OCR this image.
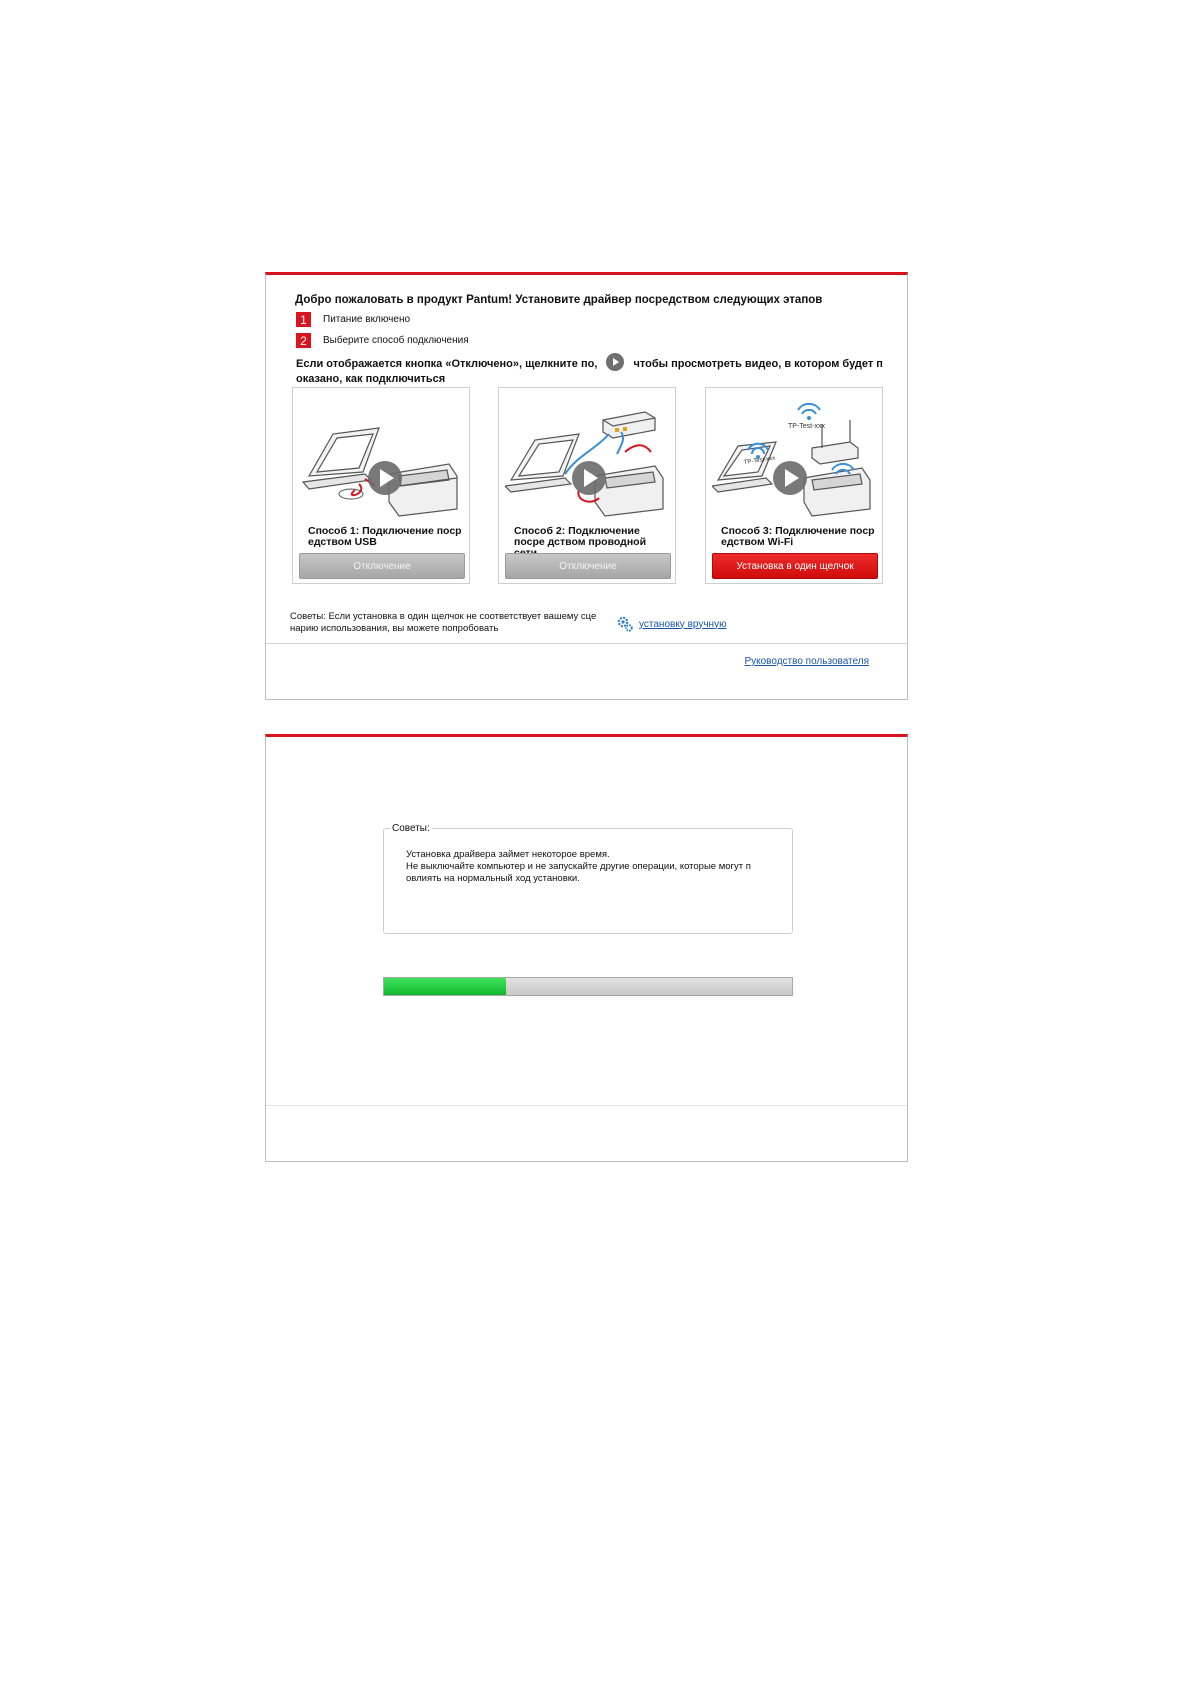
Добро пожаловать в продукт Pantum! Установите драйвер посредством следующих этапов
1	Питание включено
2	Выберите способ подключения
Если отображается кнопка «Отключено», щелкните по,	чтобы просмотреть видео, в котором будет п оказано, как подключиться
Способ 1: Подключение поср едством USB
Отключение
Способ 2: Подключение посре дством проводной
Отключение
TP-Test-xxx
TP-Test-xxx
Способ 3: Подключение поср едством Wi-Fi
Установка в один щелчок
Советы: Если установка в один щелчок не соответствует вашему сце нарию использования, вы можете попробовать	установку вручную
Руководство пользователя
Советы:
Установка драйвера займет некоторое время.
Не выключайте компьютер и не запускайте другие операции, которые могут п овлиять на нормальный ход установки.
